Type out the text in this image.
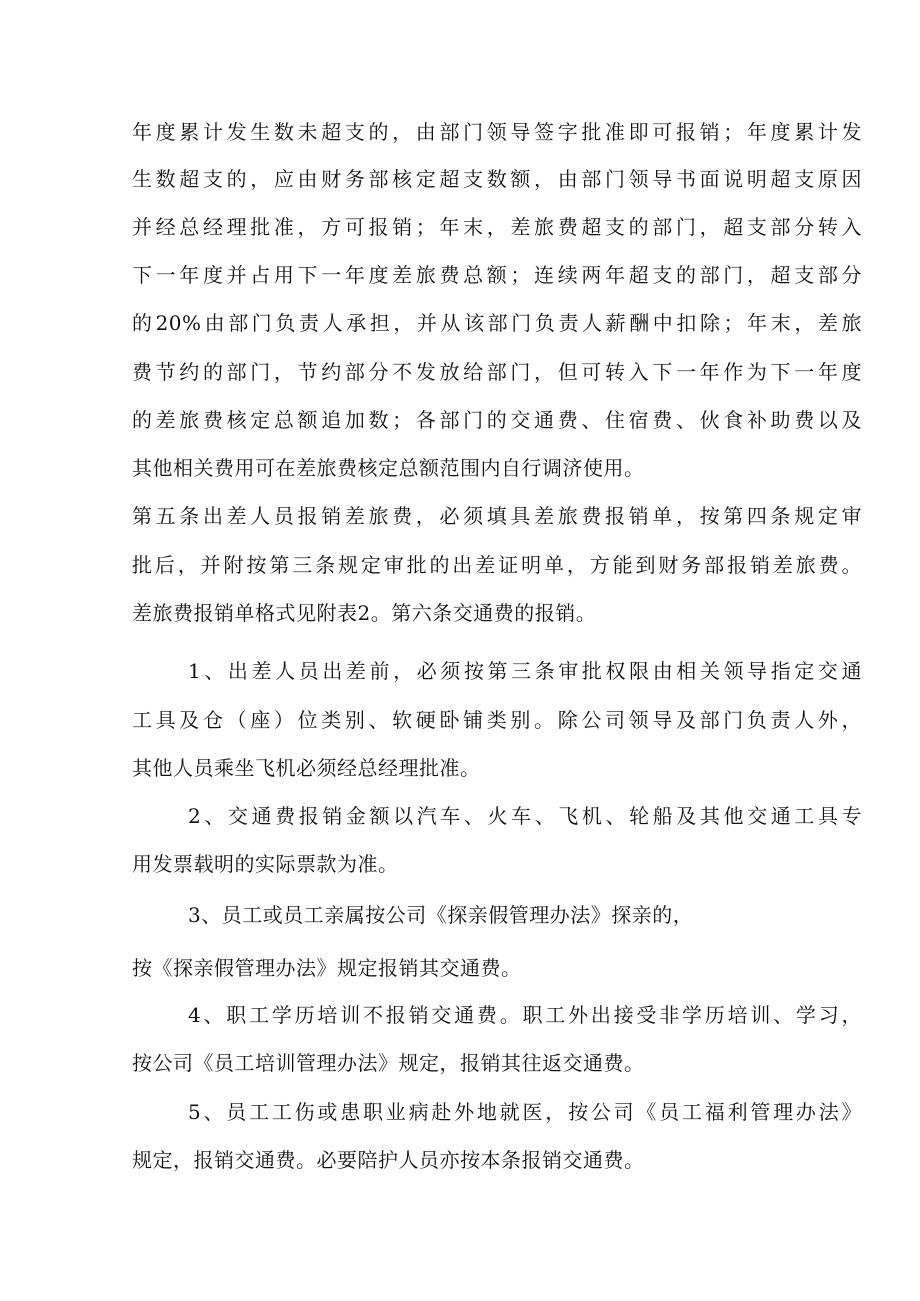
年度累计发生数未超支的，由部门领导签字批准即可报销；年度累计发

生数超支的，应由财务部核定超支数额，由部门领导书面说明超支原因

并经总经理批准，方可报销；年末，差旅费超支的部门，超支部分转入

下一年度并占用下一年度差旅费总额；连续两年超支的部门，超支部分

的20%由部门负责人承担，并从该部门负责人薪酬中扣除；年末，差旅

费节约的部门，节约部分不发放给部门，但可转入下一年作为下一年度

的差旅费核定总额追加数；各部门的交通费、住宿费、伙食补助费以及

其他相关费用可在差旅费核定总额范围内自行调济使用。

第五条出差人员报销差旅费，必须填具差旅费报销单，按第四条规定审

批后，并附按第三条规定审批的出差证明单，方能到财务部报销差旅费。

差旅费报销单格式见附表2。第六条交通费的报销。

1、出差人员出差前，必须按第三条审批权限由相关领导指定交通

工具及仓（座）位类别、软硬卧铺类别。除公司领导及部门负责人外，

其他人员乘坐飞机必须经总经理批准。

2、交通费报销金额以汽车、火车、飞机、轮船及其他交通工具专

用发票载明的实际票款为准。

3、员工或员工亲属按公司《探亲假管理办法》探亲的，

按《探亲假管理办法》规定报销其交通费。

4、职工学历培训不报销交通费。职工外出接受非学历培训、学习，

按公司《员工培训管理办法》规定，报销其往返交通费。

5、员工工伤或患职业病赴外地就医，按公司《员工福利管理办法》

规定，报销交通费。必要陪护人员亦按本条报销交通费。
